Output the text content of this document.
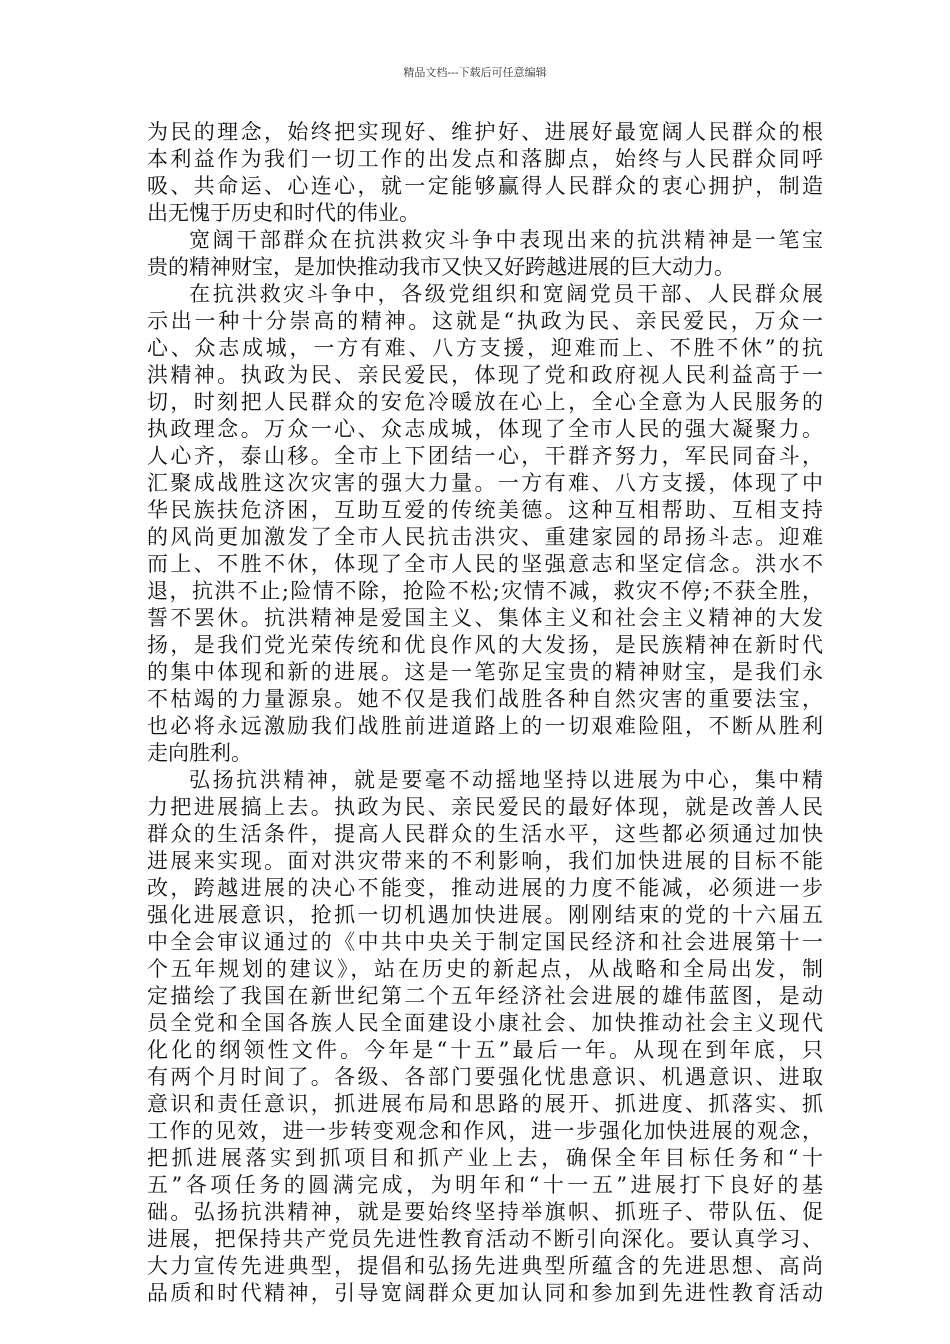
精品文档---下载后可任意编辑
为民的理念，始终把实现好、维护好、进展好最宽阔人民群众的根
本利益作为我们一切工作的出发点和落脚点，始终与人民群众同呼
吸、共命运、心连心，就一定能够赢得人民群众的衷心拥护，制造
出无愧于历史和时代的伟业。
宽阔干部群众在抗洪救灾斗争中表现出来的抗洪精神是一笔宝
贵的精神财宝，是加快推动我市又快又好跨越进展的巨大动力。
在抗洪救灾斗争中，各级党组织和宽阔党员干部、人民群众展
示出一种十分崇高的精神。这就是“执政为民、亲民爱民，万众一
心、众志成城，一方有难、八方支援，迎难而上、不胜不休”的抗
洪精神。执政为民、亲民爱民，体现了党和政府视人民利益高于一
切，时刻把人民群众的安危冷暖放在心上，全心全意为人民服务的
执政理念。万众一心、众志成城，体现了全市人民的强大凝聚力。
人心齐，泰山移。全市上下团结一心，干群齐努力，军民同奋斗，
汇聚成战胜这次灾害的强大力量。一方有难、八方支援，体现了中
华民族扶危济困，互助互爱的传统美德。这种互相帮助、互相支持
的风尚更加激发了全市人民抗击洪灾、重建家园的昂扬斗志。迎难
而上、不胜不休，体现了全市人民的坚强意志和坚定信念。洪水不
退，抗洪不止;险情不除，抢险不松;灾情不减，救灾不停;不获全胜，
誓不罢休。抗洪精神是爱国主义、集体主义和社会主义精神的大发
扬，是我们党光荣传统和优良作风的大发扬，是民族精神在新时代
的集中体现和新的进展。这是一笔弥足宝贵的精神财宝，是我们永
不枯竭的力量源泉。她不仅是我们战胜各种自然灾害的重要法宝，
也必将永远激励我们战胜前进道路上的一切艰难险阻，不断从胜利
走向胜利。
弘扬抗洪精神，就是要毫不动摇地坚持以进展为中心，集中精
力把进展搞上去。执政为民、亲民爱民的最好体现，就是改善人民
群众的生活条件，提高人民群众的生活水平，这些都必须通过加快
进展来实现。面对洪灾带来的不利影响，我们加快进展的目标不能
改，跨越进展的决心不能变，推动进展的力度不能减，必须进一步
强化进展意识，抢抓一切机遇加快进展。刚刚结束的党的十六届五
中全会审议通过的《中共中央关于制定国民经济和社会进展第十一
个五年规划的建议》，站在历史的新起点，从战略和全局出发，制
定描绘了我国在新世纪第二个五年经济社会进展的雄伟蓝图，是动
员全党和全国各族人民全面建设小康社会、加快推动社会主义现代
化化的纲领性文件。今年是“十五”最后一年。从现在到年底，只
有两个月时间了。各级、各部门要强化忧患意识、机遇意识、进取
意识和责任意识，抓进展布局和思路的展开、抓进度、抓落实、抓
工作的见效，进一步转变观念和作风，进一步强化加快进展的观念，
把抓进展落实到抓项目和抓产业上去，确保全年目标任务和“十
五”各项任务的圆满完成，为明年和“十一五”进展打下良好的基
础。弘扬抗洪精神，就是要始终坚持举旗帜、抓班子、带队伍、促
进展，把保持共产党员先进性教育活动不断引向深化。要认真学习、
大力宣传先进典型，提倡和弘扬先进典型所蕴含的先进思想、高尚
品质和时代精神，引导宽阔群众更加认同和参加到先进性教育活动
